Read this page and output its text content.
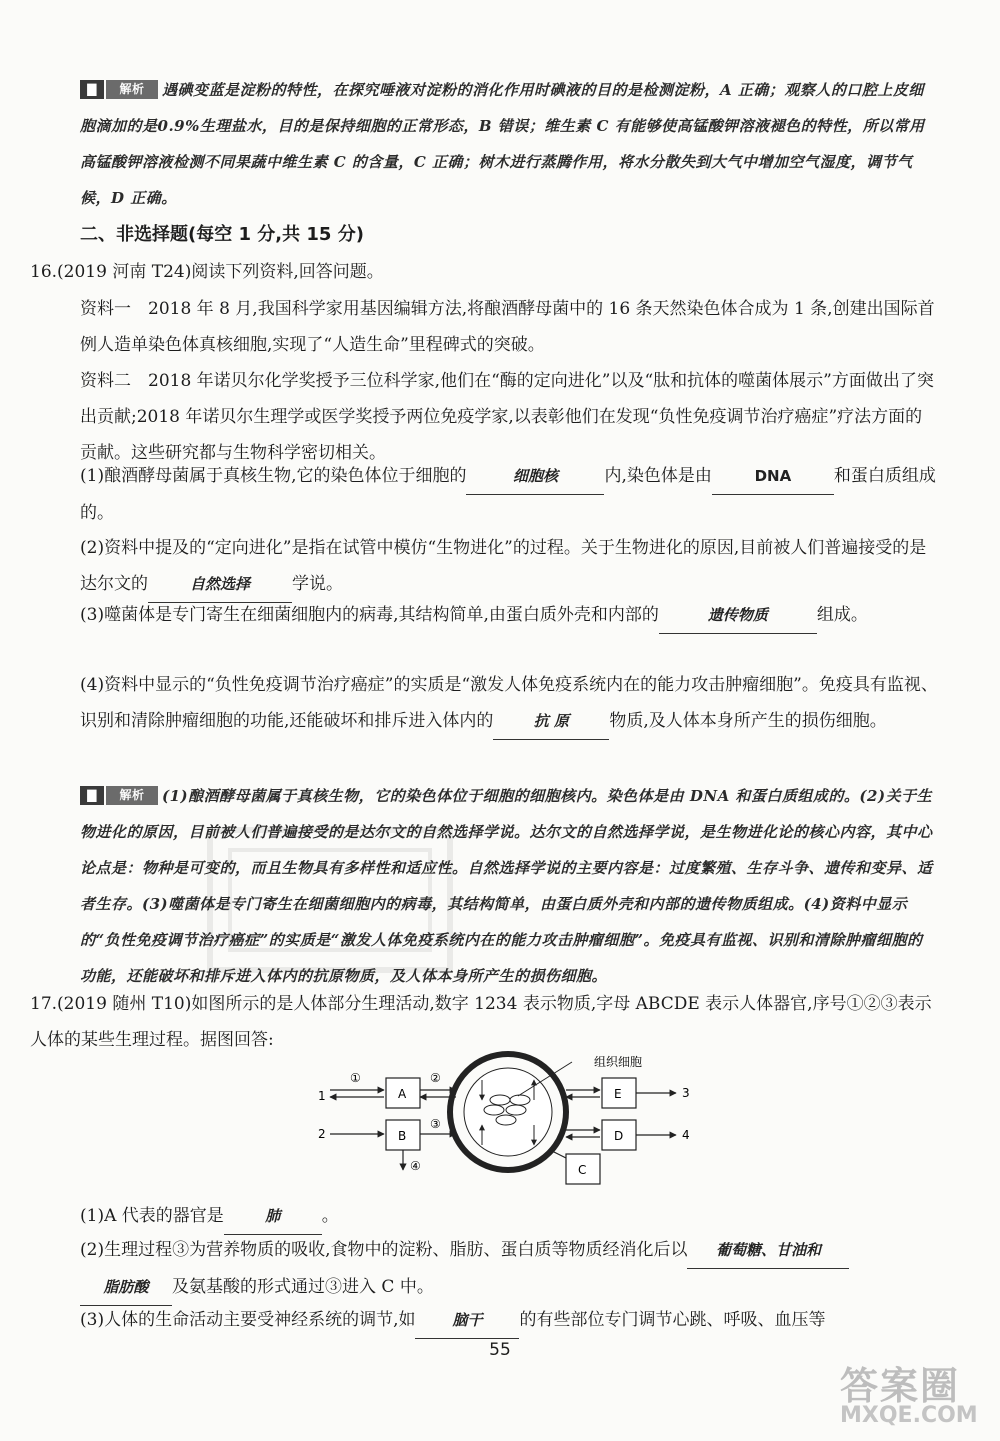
▇	解析	遇碘变蓝是淀粉的特性，在探究唾液对淀粉的消化作用时碘液的目的是检测淀粉，A 正确；观察人的口腔上皮细胞滴加的是0.9%生理盐水，目的是保持细胞的正常形态，B 错误；维生素 C 有能够使高锰酸钾溶液褪色的特性，所以常用高锰酸钾溶液检测不同果蔬中维生素 C 的含量，C 正确；树木进行蒸腾作用，将水分散失到大气中增加空气湿度，调节气候，D 正确。
二、非选择题(每空 1 分,共 15 分)
16.(2019 河南 T24)阅读下列资料,回答问题。
资料一　2018 年 8 月,我国科学家用基因编辑方法,将酿酒酵母菌中的 16 条天然染色体合成为 1 条,创建出国际首例人造单染色体真核细胞,实现了“人造生命”里程碑式的突破。
资料二　2018 年诺贝尔化学奖授予三位科学家,他们在“酶的定向进化”以及“肽和抗体的噬菌体展示”方面做出了突出贡献;2018 年诺贝尔生理学或医学奖授予两位免疫学家,以表彰他们在发现“负性免疫调节治疗癌症”疗法方面的贡献。这些研究都与生物科学密切相关。
(1)酿酒酵母菌属于真核生物,它的染色体位于细胞的	细胞核	内,染色体是由	DNA	和蛋白质组成的。
(2)资料中提及的“定向进化”是指在试管中模仿“生物进化”的过程。关于生物进化的原因,目前被人们普遍接受的是达尔文的	自然选择 学说。
(3)噬菌体是专门寄生在细菌细胞内的病毒,其结构简单,由蛋白质外壳和内部的	遗传物质	组成。
(4)资料中显示的“负性免疫调节治疗癌症”的实质是“激发人体免疫系统内在的能力攻击肿瘤细胞”。免疫具有监视、识别和清除肿瘤细胞的功能,还能破坏和排斥进入体内的	抗 原 物质,及人体本身所产生的损伤细胞。
▇	解析	(1)酿酒酵母菌属于真核生物，它的染色体位于细胞的细胞核内。染色体是由 DNA 和蛋白质组成的。(2)关于生物进化的原因，目前被人们普遍接受的是达尔文的自然选择学说。达尔文的自然选择学说，是生物进化论的核心内容，其中心论点是：物种是可变的，而且生物具有多样性和适应性。自然选择学说的主要内容是：过度繁殖、生存斗争、遗传和变异、适者生存。(3)噬菌体是专门寄生在细菌细胞内的病毒，其结构简单，由蛋白质外壳和内部的遗传物质组成。(4)资料中显示的“负性免疫调节治疗癌症”的实质是“激发人体免疫系统内在的能力攻击肿瘤细胞”。免疫具有监视、识别和清除肿瘤细胞的功能，还能破坏和排斥进入体内的抗原物质，及人体本身所产生的损伤细胞。
17.(2019 随州 T10)如图所示的是人体部分生理活动,数字 1234 表示物质,字母 ABCDE 表示人体器官,序号①②③表示人体的某些生理过程。据图回答:
1
①
A
2	B
④
②
③
组织细胞
E	3
D	4
C
(1)A 代表的器官是	肺 。
(2)生理过程③为营养物质的吸收,食物中的淀粉、脂肪、蛋白质等物质经消化后以 葡萄糖、甘油和
脂肪酸 及氨基酸的形式通过③进入 C 中。
(3)人体的生命活动主要受神经系统的调节,如 脑干 的有些部位专门调节心跳、呼吸、血压等
55
答案圈
MXQE.COM
